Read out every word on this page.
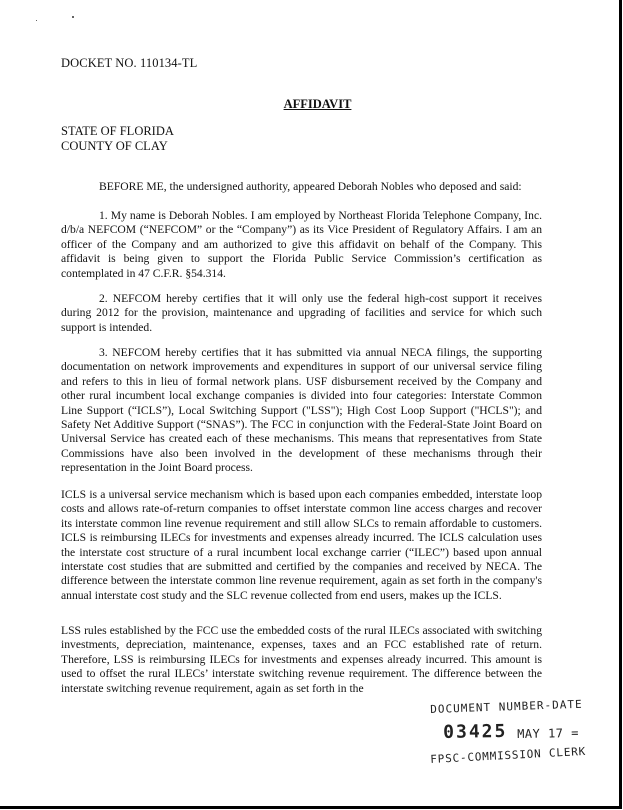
DOCKET NO. 110134-TL
AFFIDAVIT
STATE OF FLORIDA
COUNTY OF CLAY

BEFORE ME, the undersigned authority, appeared Deborah Nobles who deposed and said:

1. My name is Deborah Nobles. I am employed by Northeast Florida Telephone Company, Inc. d/b/a NEFCOM (“NEFCOM” or the “Company”) as its Vice President of Regulatory Affairs. I am an officer of the Company and am authorized to give this affidavit on behalf of the Company. This affidavit is being given to support the Florida Public Service Commission’s certification as contemplated in 47 C.F.R. §54.314.

2. NEFCOM hereby certifies that it will only use the federal high-cost support it receives during 2012 for the provision, maintenance and upgrading of facilities and service for which such support is intended.

3. NEFCOM hereby certifies that it has submitted via annual NECA filings, the supporting documentation on network improvements and expenditures in support of our universal service filing and refers to this in lieu of formal network plans. USF disbursement received by the Company and other rural incumbent local exchange companies is divided into four categories: Interstate Common Line Support (“ICLS”), Local Switching Support ("LSS"); High Cost Loop Support ("HCLS"); and Safety Net Additive Support (“SNAS”). The FCC in conjunction with the Federal-State Joint Board on Universal Service has created each of these mechanisms. This means that representatives from State Commissions have also been involved in the development of these mechanisms through their representation in the Joint Board process.

ICLS is a universal service mechanism which is based upon each companies embedded, interstate loop costs and allows rate-of-return companies to offset interstate common line access charges and recover its interstate common line revenue requirement and still allow SLCs to remain affordable to customers. ICLS is reimbursing ILECs for investments and expenses already incurred. The ICLS calculation uses the interstate cost structure of a rural incumbent local exchange carrier (“ILEC”) based upon annual interstate cost studies that are submitted and certified by the companies and received by NECA. The difference between the interstate common line revenue requirement, again as set forth in the company's annual interstate cost study and the SLC revenue collected from end users, makes up the ICLS.

LSS rules established by the FCC use the embedded costs of the rural ILECs associated with switching investments, depreciation, maintenance, expenses, taxes and an FCC established rate of return. Therefore, LSS is reimbursing ILECs for investments and expenses already incurred. This amount is used to offset the rural ILECs’ interstate switching revenue requirement. The difference between the interstate switching revenue requirement, again as set forth in the

DOCUMENT NUMBER-DATE
03425 MAY 17 =
FPSC-COMMISSION CLERK
